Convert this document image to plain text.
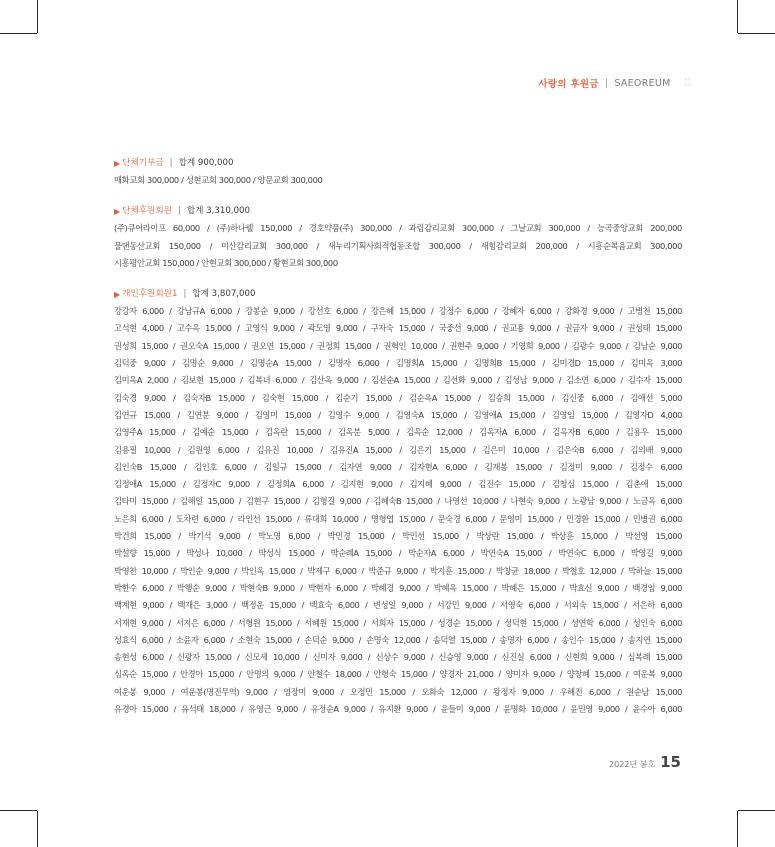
사랑의 후원금 | SAEOREUM ⁚⁚
▶ 단체기부금 | 합계 900,000
매화교회 300,000 / 성현교회 300,000 / 양문교회 300,000
▶ 단체후원회원 | 합계 3,310,000
(주)큐어라이프 60,000 / (주)하나웰 150,000 / 경호약품(주) 300,000 / 과림감리교회 300,000 / 그날교회 300,000 / 능곡중앙교회 200,000
물댄동산교회 150,000 / 미산감리교회 300,000 / 새누리기획사회적협동조합 300,000 / 새힘감리교회 200,000 / 시흥순복음교회 300,000
시흥평안교회 150,000 / 안현교회 300,000 / 황현교회 300,000
▶ 개인후원회원1 | 합계 3,807,000
강강자 6,000 / 강남규A 6,000 / 강봉순 9,000 / 강선호 6,000 / 강은혜 15,000 / 강정수 6,000 / 강혜자 6,000 / 강화경 9,000 / 고병천 15,000
고석현 4,000 / 고수옥 15,000 / 고영식 9,000 / 곽도영 9,000 / 구자숙 15,000 / 국중선 9,000 / 권교용 9,000 / 권금자 9,000 / 권성태 15,000
권성희 15,000 / 권오숙A 15,000 / 권오연 15,000 / 권정희 15,000 / 권혁인 10,000 / 권현주 9,000 / 기영희 9,000 / 김광수 9,000 / 김남순 9,000
김덕중 9,000 / 김명순 9,000 / 김명순A 15,000 / 김명자 6,000 / 김명희A 15,000 / 김명희B 15,000 / 김미경D 15,000 / 김미옥 3,000
김미옥A 2,000 / 김보현 15,000 / 김복녀 6,000 / 김산옥 9,000 / 김선순A 15,000 / 김선화 9,000 / 김성남 9,000 / 김소연 6,000 / 김수자 15,000
김숙경 9,000 / 김숙자B 15,000 / 김숙현 15,000 / 김순기 15,000 / 김순옥A 15,000 / 김승희 15,000 / 김신중 6,000 / 김애선 5,000
김연규 15,000 / 김연분 9,000 / 김영미 15,000 / 김영수 9,000 / 김영숙A 15,000 / 김영애A 15,000 / 김영임 15,000 / 김영자D 4,000
김영주A 15,000 / 김예순 15,000 / 김옥란 15,000 / 김옥분 5,000 / 김옥순 12,000 / 김옥자A 6,000 / 김옥자B 6,000 / 김용우 15,000
김용필 10,000 / 김원영 6,000 / 김유진 10,000 / 김유진A 15,000 / 김은기 15,000 / 김은미 10,000 / 김은숙B 6,000 / 김의배 9,000
김인숙B 15,000 / 김인호 6,000 / 김일규 15,000 / 김자연 9,000 / 김자현A 6,000 / 김재봉 15,000 / 김정미 9,000 / 김정수 6,000
김정애A 15,000 / 김정자C 9,000 / 김정희A 6,000 / 김지현 9,000 / 김지혜 9,000 / 김진수 15,000 / 김청심 15,000 / 김춘애 15,000
김타미 15,000 / 김해일 15,000 / 김현구 15,000 / 김형길 9,000 / 김혜숙B 15,000 / 나영선 10,000 / 나현숙 9,000 / 노광남 9,000 / 노금옥 6,000
노은희 6,000 / 도차련 6,000 / 라인선 15,000 / 류대희 10,000 / 명형엽 15,000 / 문숙경 6,000 / 문영미 15,000 / 민경환 15,000 / 민병권 6,000
박건희 15,000 / 박기석 9,000 / 박노명 6,000 / 박민경 15,000 / 박민선 15,000 / 박상란 15,000 / 박상훈 15,000 / 박선영 15,000
박설향 15,000 / 박성나 10,000 / 박성식 15,000 / 박순례A 15,000 / 박순자A 6,000 / 박연숙A 15,000 / 박연숙C 6,000 / 박영길 9,000
박영찬 10,000 / 박인순 9,000 / 박인옥 15,000 / 박제구 6,000 / 박준규 9,000 / 박지훈 15,000 / 박창균 18,000 / 박철호 12,000 / 박하늘 15,000
박한수 6,000 / 박행순 9,000 / 박현숙B 9,000 / 박현자 6,000 / 박혜경 9,000 / 박혜옥 15,000 / 박혜은 15,000 / 박효신 9,000 / 백경임 9,000
백계현 9,000 / 백재은 3,000 / 백정운 15,000 / 백효숙 6,000 / 변성일 9,000 / 서강민 9,000 / 서영숙 6,000 / 서외숙 15,000 / 서은하 6,000
서재현 9,000 / 서지은 6,000 / 서형원 15,000 / 서혜원 15,000 / 서희자 15,000 / 성경순 15,000 / 성덕현 15,000 / 성연학 6,000 / 성인숙 6,000
성효식 6,000 / 소윤자 6,000 / 소현숙 15,000 / 손덕순 9,000 / 손명숙 12,000 / 송덕열 15,000 / 송명자 6,000 / 송인수 15,000 / 송지연 15,000
송현성 6,000 / 신광자 15,000 / 신모세 10,000 / 신미자 9,000 / 신상수 9,000 / 신승영 9,000 / 신진실 6,000 / 신현희 9,000 / 심복례 15,000
심옥순 15,000 / 안경아 15,000 / 안명의 9,000 / 안철수 18,000 / 안형숙 15,000 / 양경자 21,000 / 양미자 9,000 / 양창혜 15,000 / 여운복 9,000
여운봉 9,000 / 여운봉(명진무역) 9,000 / 염장미 9,000 / 오정민 15,000 / 오화숙 12,000 / 왕정자 9,000 / 우해진 6,000 / 원순남 15,000
유경아 15,000 / 유석태 18,000 / 유영근 9,000 / 유정순A 9,000 / 유지환 9,000 / 윤들미 9,000 / 윤명화 10,000 / 윤민영 9,000 / 윤수아 6,000
2022년 봄호 15
